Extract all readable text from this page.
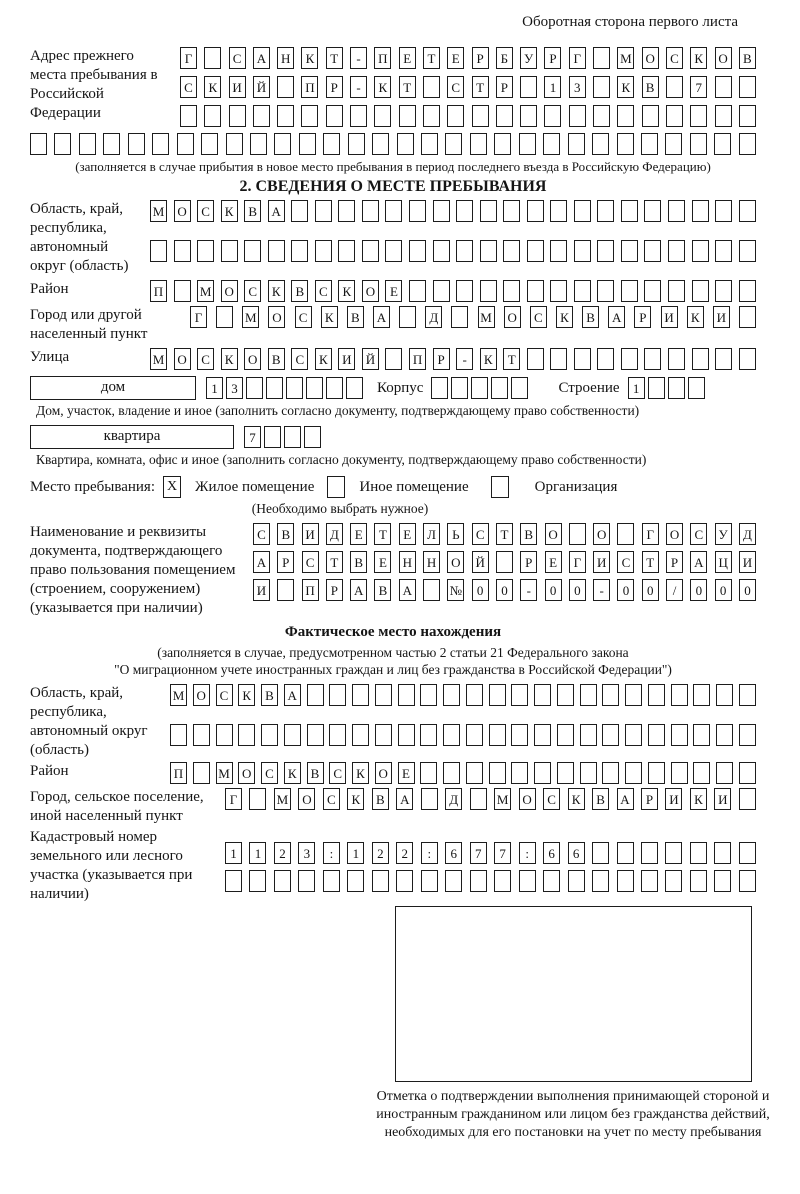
Оборотная сторона первого листа
Адрес прежнего места пребывания в Российской Федерации
Г	С	А Н	К	Т	-	П	Е	Т	Е	Р	Б	У	Р	Г	М О	С	К	О	В
С	К	И Й	П	Р	-	К	Т	С	Т	Р	1	3	К	В	7
(заполняется в случае прибытия в новое место пребывания в период последнего въезда в Российскую Федерацию)
2. СВЕДЕНИЯ О МЕСТЕ ПРЕБЫВАНИЯ
Область, край, республика, автономный округ (область)
М О	С	К	В	А
Район	П	М О	С	К	В	С	К	О	Е
Город или другой населенный пункт
Г	М О	С	К	В	А	Д	М О	С	К	В	А	Р	И	К	И
Улица	М О	С	К	О	В	С	К	И Й	П	Р	-	К	Т
дом	1	3	Корпус	Строение	1
Дом, участок, владение и иное (заполнить согласно документу, подтверждающему право собственности)
квартира	7
Квартира, комната, офис и иное (заполнить согласно документу, подтверждающему право собственности)
Место пребывания: X Жилое помещение	Иное помещение	Организация
(Необходимо выбрать нужное)
Наименование и реквизиты документа, подтверждающего право пользования помещением (строением, сооружением) (указывается при наличии)
С	В	И	Д	Е	Т	Е	Л	Ь	С	Т	В	О	О	Г	О	С	У	Д
А	Р	С	Т	В	Е	Н Н О Й	Р	Е	Г	И	С	Т	Р	А Ц И
И	П	Р	А	В	А	№	0	0	-	0	0	-	0	0	/	0	0	0
Фактическое место нахождения
(заполняется в случае, предусмотренном частью 2 статьи 21 Федерального закона
"О миграционном учете иностранных граждан и лиц без гражданства в Российской Федерации")
Область, край, республика, автономный округ (область)
М О	С	К	В	А
Район	П	М О	С	К	В	С	К	О	Е
Город, сельское поселение, иной населенный пункт
Г	М О	С	К	В	А	Д	М О	С	К	В	А	Р	И	К	И
Кадастровый номер земельного или лесного участка (указывается при наличии)
1	1	2	3	:	1	2	2	:	6	7	7	:	6	6
Отметка о подтверждении выполнения принимающей стороной и иностранным гражданином или лицом без гражданства действий, необходимых для его постановки на учет по месту пребывания
